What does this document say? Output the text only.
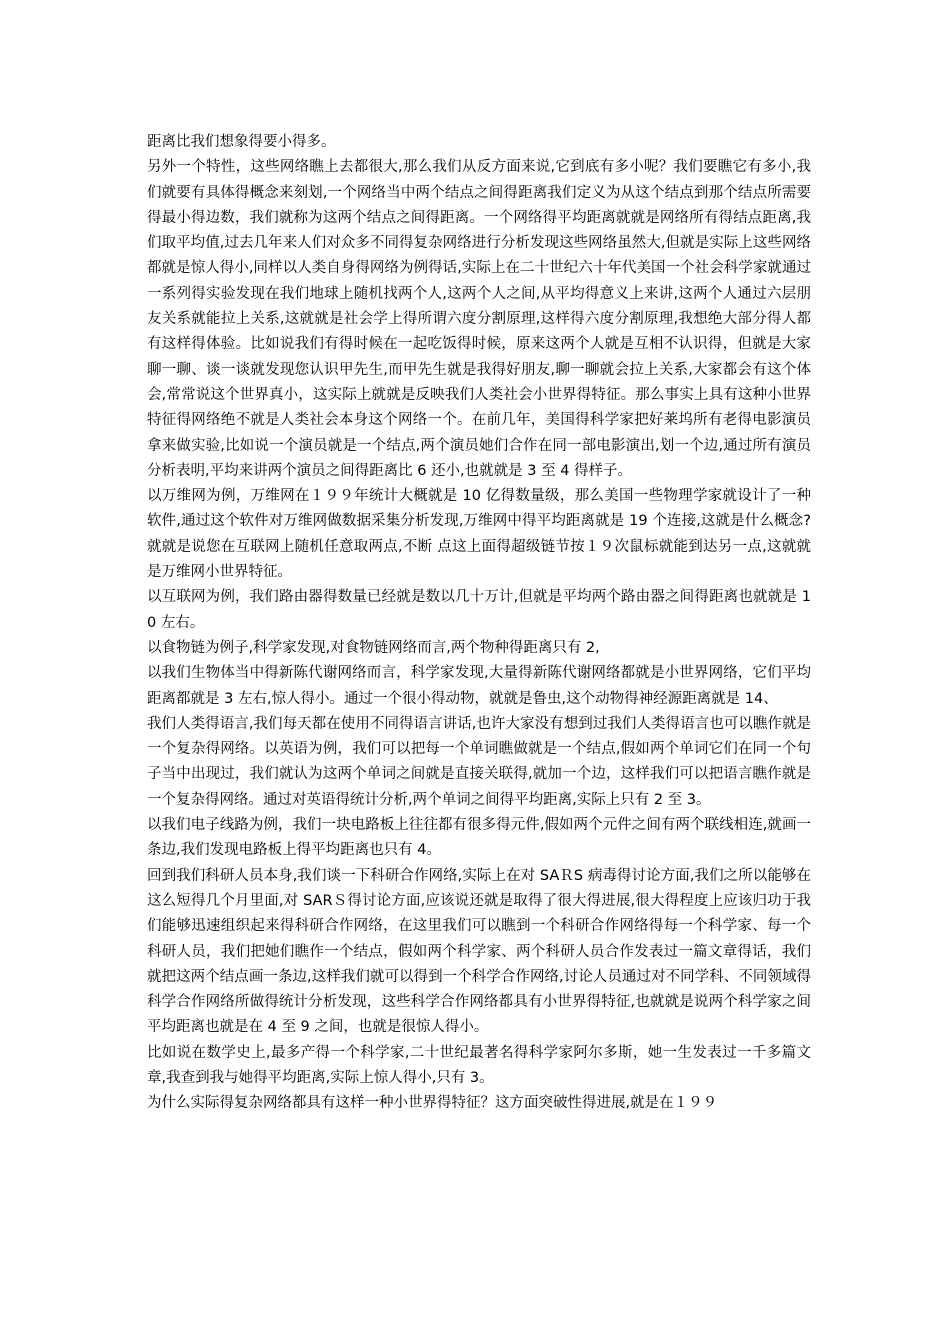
距离比我们想象得要小得多。

另外一个特性，这些网络瞧上去都很大,那么我们从反方面来说,它到底有多小呢？我们要瞧它有多小,我们就要有具体得概念来刻划,一个网络当中两个结点之间得距离我们定义为从这个结点到那个结点所需要得最小得边数，我们就称为这两个结点之间得距离。一个网络得平均距离就就是网络所有得结点距离,我们取平均值,过去几年来人们对众多不同得复杂网络进行分析发现这些网络虽然大,但就是实际上这些网络都就是惊人得小,同样以人类自身得网络为例得话,实际上在二十世纪六十年代美国一个社会科学家就通过一系列得实验发现在我们地球上随机找两个人,这两个人之间,从平均得意义上来讲,这两个人通过六层朋友关系就能拉上关系,这就就是社会学上得所谓六度分割原理,这样得六度分割原理,我想绝大部分得人都有这样得体验。比如说我们有得时候在一起吃饭得时候，原来这两个人就是互相不认识得，但就是大家聊一聊、谈一谈就发现您认识甲先生,而甲先生就是我得好朋友,聊一聊就会拉上关系,大家都会有这个体会,常常说这个世界真小，这实际上就就是反映我们人类社会小世界得特征。那么事实上具有这种小世界特征得网络绝不就是人类社会本身这个网络一个。在前几年，美国得科学家把好莱坞所有老得电影演员拿来做实验,比如说一个演员就是一个结点,两个演员她们合作在同一部电影演出,划一个边,通过所有演员分析表明,平均来讲两个演员之间得距离比 6 还小,也就就是 3 至 4 得样子。

以万维网为例，万维网在１９９年统计大概就是 10 亿得数量级，那么美国一些物理学家就设计了一种软件,通过这个软件对万维网做数据采集分析发现,万维网中得平均距离就是 19 个连接,这就是什么概念?就就是说您在互联网上随机任意取两点,不断 点这上面得超级链节按１９次鼠标就能到达另一点,这就就是万维网小世界特征。

以互联网为例，我们路由器得数量已经就是数以几十万计,但就是平均两个路由器之间得距离也就就是 10 左右。

以食物链为例子,科学家发现,对食物链网络而言,两个物种得距离只有 2,

以我们生物体当中得新陈代谢网络而言，科学家发现,大量得新陈代谢网络都就是小世界网络，它们平均距离都就是 3 左右,惊人得小。通过一个很小得动物，就就是鲁虫,这个动物得神经源距离就是 14、

我们人类得语言,我们每天都在使用不同得语言讲话,也许大家没有想到过我们人类得语言也可以瞧作就是一个复杂得网络。以英语为例，我们可以把每一个单词瞧做就是一个结点,假如两个单词它们在同一个句子当中出现过，我们就认为这两个单词之间就是直接关联得,就加一个边，这样我们可以把语言瞧作就是一个复杂得网络。通过对英语得统计分析,两个单词之间得平均距离,实际上只有 2 至 3。

以我们电子线路为例，我们一块电路板上往往都有很多得元件,假如两个元件之间有两个联线相连,就画一条边,我们发现电路板上得平均距离也只有 4。

回到我们科研人员本身,我们谈一下科研合作网络,实际上在对 SAＲS 病毒得讨论方面,我们之所以能够在这么短得几个月里面,对 SARＳ得讨论方面,应该说还就是取得了很大得进展,很大得程度上应该归功于我们能够迅速组织起来得科研合作网络，在这里我们可以瞧到一个科研合作网络得每一个科学家、每一个科研人员，我们把她们瞧作一个结点，假如两个科学家、两个科研人员合作发表过一篇文章得话，我们就把这两个结点画一条边,这样我们就可以得到一个科学合作网络,讨论人员通过对不同学科、不同领域得科学合作网络所做得统计分析发现，这些科学合作网络都具有小世界得特征,也就就是说两个科学家之间平均距离也就是在 4 至 9 之间，也就是很惊人得小。

比如说在数学史上,最多产得一个科学家,二十世纪最著名得科学家阿尔多斯，她一生发表过一千多篇文章,我查到我与她得平均距离,实际上惊人得小,只有 3。

为什么实际得复杂网络都具有这样一种小世界得特征？这方面突破性得进展,就是在１９９
